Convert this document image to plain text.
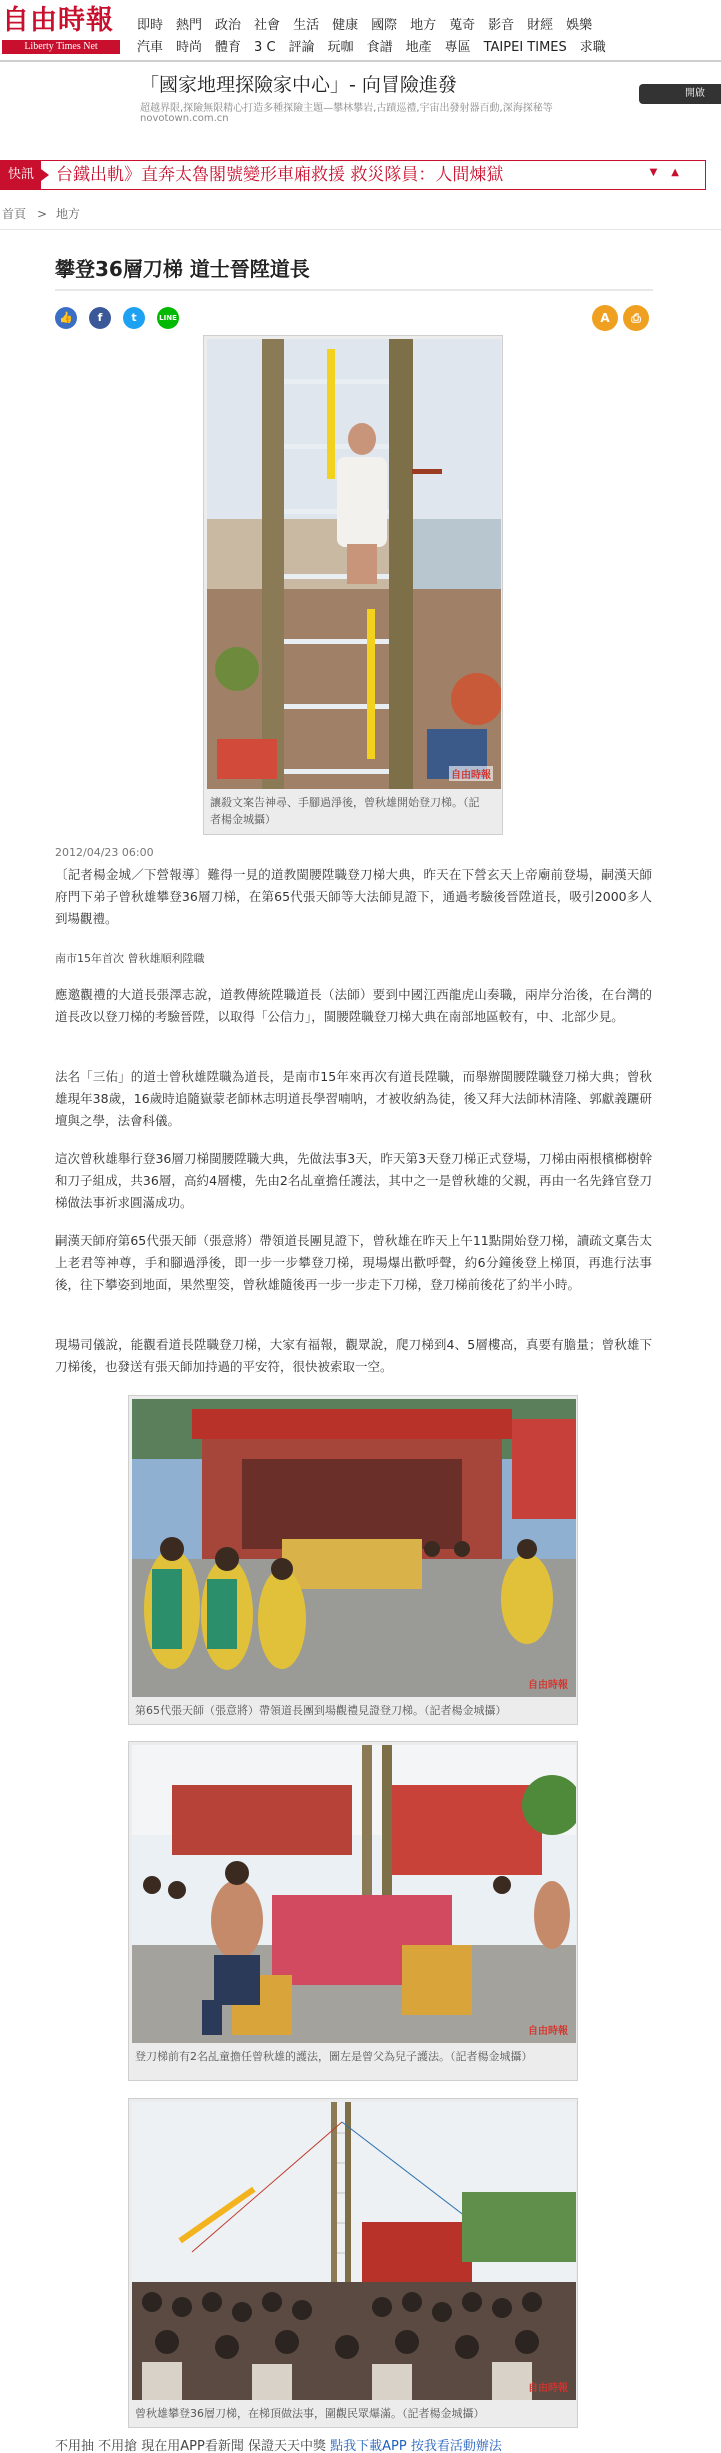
自由時報
Liberty Times Net
即時 熱門 政治 社會 生活 健康 國際 地方 蒐奇 影音 財經 娛樂
汽車 時尚 體育 3 C 評論 玩咖 食譜 地產 專區 TAIPEI TIMES 求職
「國家地理探險家中心」- 向冒險進發
超越界限,探險無限精心打造多種探險主題—攀林攀岩,古蹟巡禮,宇宙出發射器百動,深海探秘等
novotown.com.cn
開啟
快訊	台鐵出軌》直奔太魯閣號變形車廂救援 救災隊員：人間煉獄	▼▲
首頁 > 地方
攀登36層刀梯 道士晉陞道長
👍	f	t	LINE	A	⎙
自由時報
讓殺文案告神尋、手腳過淨後，曾秋雄開始登刀梯。（記者楊金城攝）
2012/04/23 06:00

〔記者楊金城／下營報導〕難得一見的道教閩腰陞職登刀梯大典，昨天在下營玄天上帝廟前登場，嗣漢天師府門下弟子曾秋雄攀登36層刀梯，在第65代張天師等大法師見證下，通過考驗後晉陞道長，吸引2000多人到場觀禮。

南市15年首次 曾秋雄順利陞職

應邀觀禮的大道長張澤志說，道教傳統陞職道長（法師）要到中國江西龍虎山奏職，兩岸分治後，在台灣的道長改以登刀梯的考驗晉陞，以取得「公信力」，閩腰陞職登刀梯大典在南部地區較有，中、北部少見。

法名「三佑」的道士曾秋雄陞職為道長，是南市15年來再次有道長陞職，而舉辦閩腰陞職登刀梯大典；曾秋雄現年38歲，16歲時追隨嶽蒙老師林志明道長學習喃呐，才被收納為徒，後又拜大法師林清隆、郭獻義躧研壇與之學，法會科儀。

這次曾秋雄舉行登36層刀梯閩腰陞職大典，先做法事3天，昨天第3天登刀梯正式登場，刀梯由兩根檳榔樹幹和刀子組成，共36層，高約4層樓，先由2名乩童擔任護法，其中之一是曾秋雄的父親，再由一名先鋒官登刀梯做法事祈求圓滿成功。

嗣漢天師府第65代張天師（張意將）帶領道長團見證下，曾秋雄在昨天上午11點開始登刀梯，讀疏文稟告太上老君等神尊，手和腳過淨後，即一步一步攀登刀梯，現場爆出歡呼聲，約6分鐘後登上梯頂，再進行法事後，往下攀姿到地面，果然聖筊，曾秋雄隨後再一步一步走下刀梯，登刀梯前後花了約半小時。

現場司儀說，能觀看道長陞職登刀梯，大家有福報，觀眾說，爬刀梯到4、5層樓高，真要有膽量；曾秋雄下刀梯後，也發送有張天師加持過的平安符，很快被索取一空。

自由時報
第65代張天師（張意將）帶領道長團到場觀禮見證登刀梯。（記者楊金城攝）
自由時報
登刀梯前有2名乩童擔任曾秋雄的護法，圖左是曾父為兒子護法。（記者楊金城攝）
自由時報
曾秋雄攀登36層刀梯，在梯頂做法事，圍觀民眾爆滿。（記者楊金城攝）
不用抽 不用搶 現在用APP看新聞 保證天天中獎 點我下載APP 按我看活動辦法
